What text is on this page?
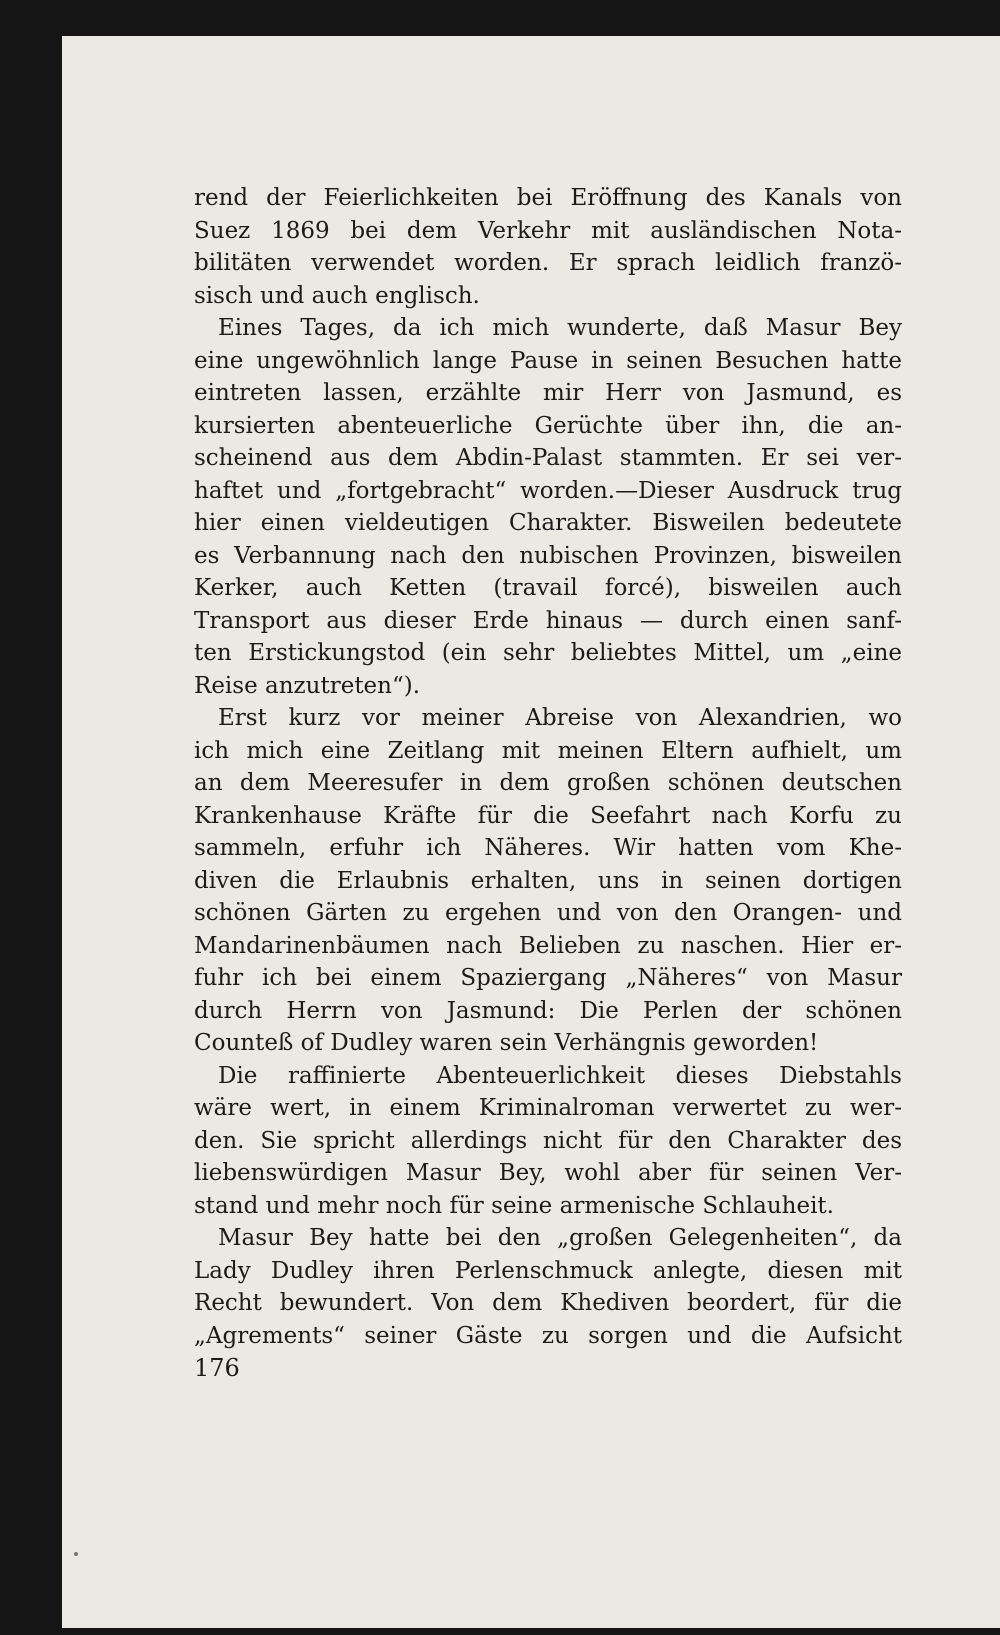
rend der Feierlichkeiten bei Eröffnung des Kanals von
Suez 1869 bei dem Verkehr mit ausländischen Nota-
bilitäten verwendet worden. Er sprach leidlich franzö-
sisch und auch englisch.
Eines Tages, da ich mich wunderte, daß Masur Bey
eine ungewöhnlich lange Pause in seinen Besuchen hatte
eintreten lassen, erzählte mir Herr von Jasmund, es
kursierten abenteuerliche Gerüchte über ihn, die an-
scheinend aus dem Abdin-Palast stammten. Er sei ver-
haftet und „fortgebracht“ worden.—Dieser Ausdruck trug
hier einen vieldeutigen Charakter. Bisweilen bedeutete
es Verbannung nach den nubischen Provinzen, bisweilen
Kerker, auch Ketten (travail forcé), bisweilen auch
Transport aus dieser Erde hinaus — durch einen sanf-
ten Erstickungstod (ein sehr beliebtes Mittel, um „eine
Reise anzutreten“).
Erst kurz vor meiner Abreise von Alexandrien, wo
ich mich eine Zeitlang mit meinen Eltern aufhielt, um
an dem Meeresufer in dem großen schönen deutschen
Krankenhause Kräfte für die Seefahrt nach Korfu zu
sammeln, erfuhr ich Näheres. Wir hatten vom Khe-
diven die Erlaubnis erhalten, uns in seinen dortigen
schönen Gärten zu ergehen und von den Orangen- und
Mandarinenbäumen nach Belieben zu naschen. Hier er-
fuhr ich bei einem Spaziergang „Näheres“ von Masur
durch Herrn von Jasmund: Die Perlen der schönen
Counteß of Dudley waren sein Verhängnis geworden!
Die raffinierte Abenteuerlichkeit dieses Diebstahls
wäre wert, in einem Kriminalroman verwertet zu wer-
den. Sie spricht allerdings nicht für den Charakter des
liebenswürdigen Masur Bey, wohl aber für seinen Ver-
stand und mehr noch für seine armenische Schlauheit.
Masur Bey hatte bei den „großen Gelegenheiten“, da
Lady Dudley ihren Perlenschmuck anlegte, diesen mit
Recht bewundert. Von dem Khediven beordert, für die
„Agrements“ seiner Gäste zu sorgen und die Aufsicht
176
